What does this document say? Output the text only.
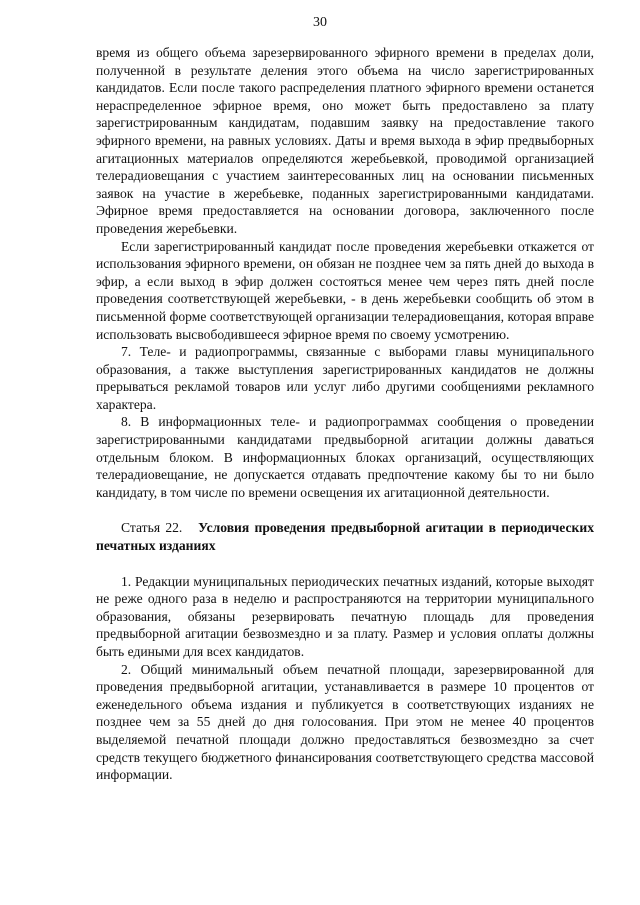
30

время из общего объема зарезервированного эфирного времени в пределах доли, полученной в результате деления этого объема на число зарегистрированных кандидатов. Если после такого распределения платного эфирного времени останется нераспределенное эфирное время, оно может быть предоставлено за плату зарегистрированным кандидатам, подавшим заявку на предоставление такого эфирного времени, на равных условиях. Даты и время выхода в эфир предвыборных агитационных материалов определяются жеребьевкой, проводимой организацией телерадиовещания с участием заинтересованных лиц на основании письменных заявок на участие в жеребьевке, поданных зарегистрированными кандидатами. Эфирное время предоставляется на основании договора, заключенного после проведения жеребьевки.

Если зарегистрированный кандидат после проведения жеребьевки откажется от использования эфирного времени, он обязан не позднее чем за пять дней до выхода в эфир, а если выход в эфир должен состояться менее чем через пять дней после проведения соответствующей жеребьевки, - в день жеребьевки сообщить об этом в письменной форме соответствующей организации телерадиовещания, которая вправе использовать высвободившееся эфирное время по своему усмотрению.

7. Теле- и радиопрограммы, связанные с выборами главы муниципального образования, а также выступления зарегистрированных кандидатов не должны прерываться рекламой товаров или услуг либо другими сообщениями рекламного характера.

8. В информационных теле- и радиопрограммах сообщения о проведении зарегистрированными кандидатами предвыборной агитации должны даваться отдельным блоком. В информационных блоках организаций, осуществляющих телерадиовещание, не допускается отдавать предпочтение какому бы то ни было кандидату, в том числе по времени освещения их агитационной деятельности.

Статья 22.   Условия проведения предвыборной агитации в периодических печатных изданиях

1. Редакции муниципальных периодических печатных изданий, которые выходят не реже одного раза в неделю и распространяются на территории муниципального образования, обязаны резервировать печатную площадь для проведения предвыборной агитации безвозмездно и за плату. Размер и условия оплаты должны быть едиными для всех кандидатов.

2. Общий минимальный объем печатной площади, зарезервированной для проведения предвыборной агитации, устанавливается в размере 10 процентов от еженедельного объема издания и публикуется в соответствующих изданиях не позднее чем за 55 дней до дня голосования. При этом не менее 40 процентов выделяемой печатной площади должно предоставляться безвозмездно за счет средств текущего бюджетного финансирования соответствующего средства массовой информации.
